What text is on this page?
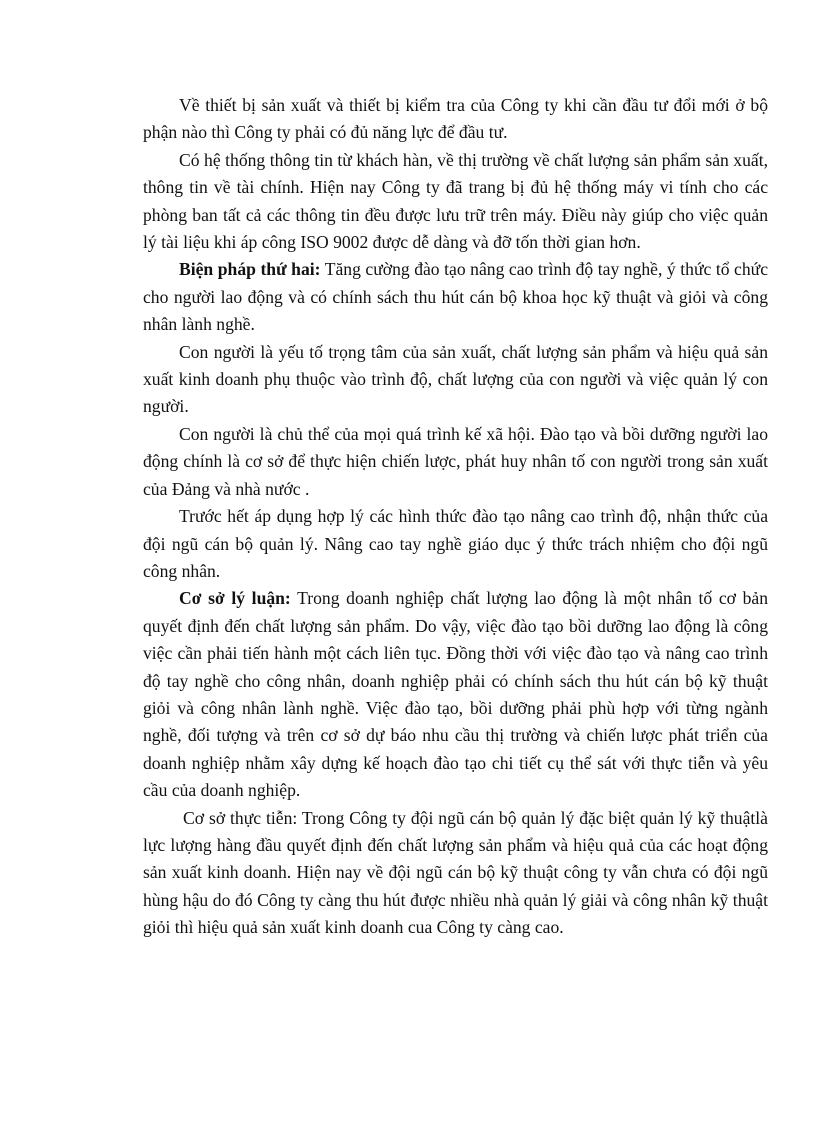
Về thiết bị sản xuất và thiết bị kiểm tra của Công ty khi cần đầu tư đổi mới ở bộ phận nào thì Công ty phải có đủ năng lực để đầu tư.

Có hệ thống thông tin từ khách hàn, về thị trường về chất lượng sản phẩm sản xuất, thông tin về tài chính. Hiện nay Công ty đã trang bị đủ hệ thống máy vi tính cho các phòng ban tất cả các thông tin đều được lưu trữ trên máy. Điều này giúp cho việc quản lý tài liệu khi áp công ISO 9002 được dễ dàng và đỡ tốn thời gian hơn.

Biện pháp thứ hai: Tăng cường đào tạo nâng cao trình độ tay nghề, ý thức tổ chức cho người lao động và có chính sách thu hút cán bộ khoa học kỹ thuật và giỏi và công nhân lành nghề.

Con người là yếu tố trọng tâm của sản xuất, chất lượng sản phẩm và hiệu quả sản xuất kinh doanh phụ thuộc vào trình độ, chất lượng của con người và việc quản lý con người.

Con người là chủ thể của mọi quá trình kế xã hội. Đào tạo và bồi dưỡng người lao động chính là cơ sở để thực hiện chiến lược, phát huy nhân tố con người trong sản xuất của Đảng và nhà nước .

Trước hết áp dụng hợp lý các hình thức đào tạo nâng cao trình độ, nhận thức của đội ngũ cán bộ quản lý. Nâng cao tay nghề giáo dục ý thức trách nhiệm cho đội ngũ công nhân.

Cơ sở lý luận: Trong doanh nghiệp chất lượng lao động là một nhân tố cơ bản quyết định đến chất lượng sản phẩm. Do vậy, việc đào tạo bồi dưỡng lao động là công việc cần phải tiến hành một cách liên tục. Đồng thời với việc đào tạo và nâng cao trình độ tay nghề cho công nhân, doanh nghiệp phải có chính sách thu hút cán bộ kỹ thuật giỏi và công nhân lành nghề. Việc đào tạo, bồi dưỡng phải phù hợp với từng ngành nghề, đối tượng và trên cơ sở dự báo nhu cầu thị trường và chiến lược phát triển của doanh nghiệp nhằm xây dựng kế hoạch đào tạo chi tiết cụ thể sát với thực tiễn và yêu cầu của doanh nghiệp.

Cơ sở thực tiễn: Trong Công ty đội ngũ cán bộ quản lý đặc biệt quản lý kỹ thuậtlà lực lượng hàng đầu quyết định đến chất lượng sản phẩm và hiệu quả của các hoạt động sản xuất kinh doanh. Hiện nay về đội ngũ cán bộ kỹ thuật công ty vẫn chưa có đội ngũ hùng hậu do đó Công ty càng thu hút được nhiều nhà quản lý giải và công nhân kỹ thuật giỏi thì hiệu quả sản xuất kinh doanh cua Công ty càng cao.
